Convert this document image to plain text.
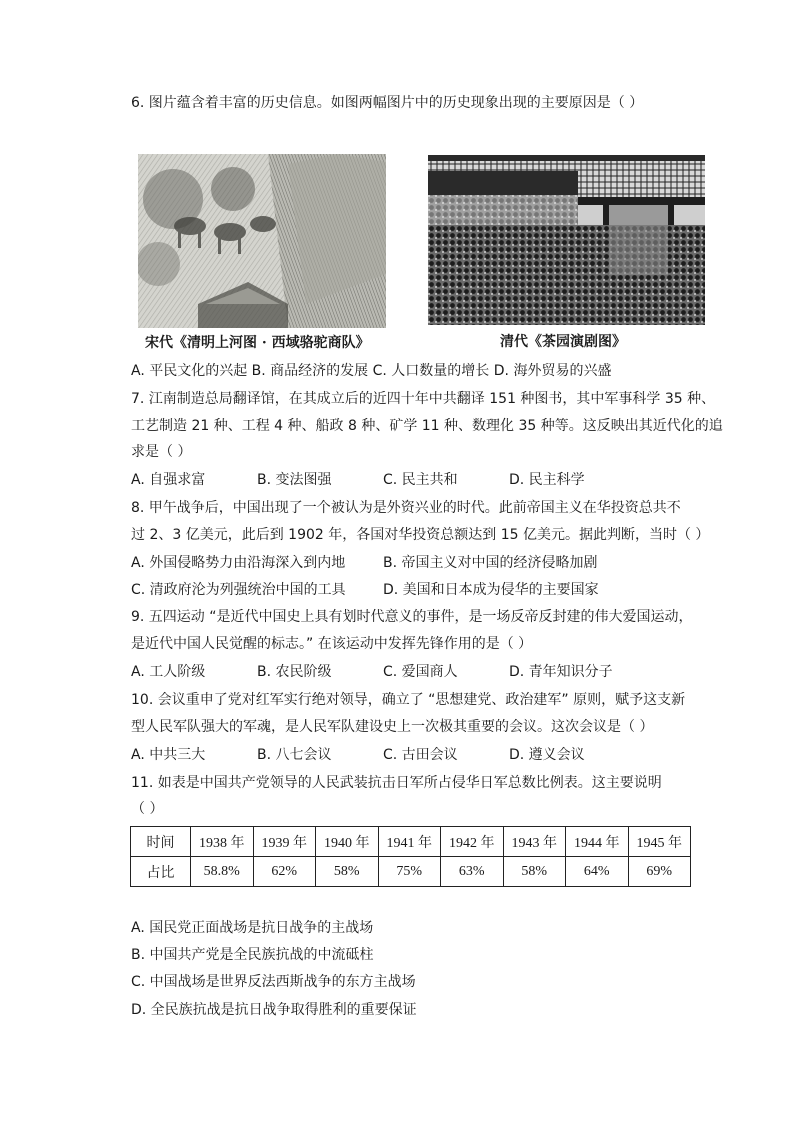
6. 图片蕴含着丰富的历史信息。如图两幅图片中的历史现象出现的主要原因是（ ）
宋代《清明上河图 · 西域骆驼商队》	清代《茶园演剧图》
A. 平民文化的兴起 B. 商品经济的发展 C. 人口数量的增长 D. 海外贸易的兴盛
7. 江南制造总局翻译馆，在其成立后的近四十年中共翻译 151 种图书，其中军事科学 35 种、
工艺制造 21 种、工程 4 种、船政 8 种、矿学 11 种、数理化 35 种等。这反映出其近代化的追
求是（ ）
A. 自强求富	B. 变法图强	C. 民主共和	D. 民主科学
8. 甲午战争后，中国出现了一个被认为是外资兴业的时代。此前帝国主义在华投资总共不
过 2、3 亿美元，此后到 1902 年，各国对华投资总额达到 15 亿美元。据此判断，当时（ ）
A. 外国侵略势力由沿海深入到内地	B. 帝国主义对中国的经济侵略加剧
C. 清政府沦为列强统治中国的工具	D. 美国和日本成为侵华的主要国家
9. 五四运动 “是近代中国史上具有划时代意义的事件，是一场反帝反封建的伟大爱国运动，
是近代中国人民觉醒的标志。” 在该运动中发挥先锋作用的是（ ）
A. 工人阶级	B. 农民阶级	C. 爱国商人	D. 青年知识分子
10. 会议重申了党对红军实行绝对领导，确立了 “思想建党、政治建军” 原则，赋予这支新
型人民军队强大的军魂，是人民军队建设史上一次极其重要的会议。这次会议是（ ）
A. 中共三大	B. 八七会议	C. 古田会议	D. 遵义会议
11. 如表是中国共产党领导的人民武装抗击日军所占侵华日军总数比例表。这主要说明
（ ）
时间	1938 年	1939 年	1940 年	1941 年	1942 年	1943 年	1944 年	1945 年
占比	58.8%	62%	58%	75%	63%	58%	64%	69%
A. 国民党正面战场是抗日战争的主战场
B. 中国共产党是全民族抗战的中流砥柱
C. 中国战场是世界反法西斯战争的东方主战场
D. 全民族抗战是抗日战争取得胜利的重要保证
